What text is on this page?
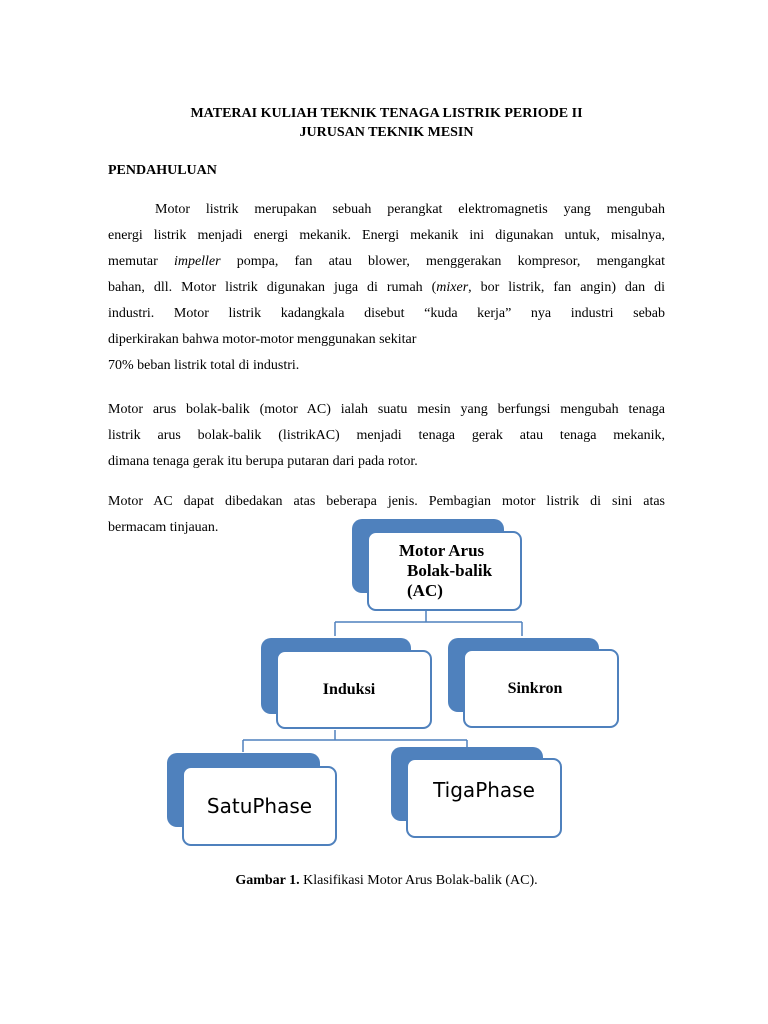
MATERAI KULIAH TEKNIK TENAGA LISTRIK PERIODE II
JURUSAN TEKNIK MESIN
PENDAHULUAN
Motor listrik merupakan sebuah perangkat elektromagnetis yang mengubah
energi listrik menjadi energi mekanik. Energi mekanik ini digunakan untuk, misalnya,
memutar impeller pompa, fan atau blower, menggerakan kompresor, mengangkat
bahan, dll. Motor listrik digunakan juga di rumah (mixer, bor listrik, fan angin) dan di
industri. Motor listrik kadangkala disebut “kuda kerja” nya industri sebab
diperkirakan bahwa motor-motor menggunakan sekitar
70% beban listrik total di industri.
Motor arus bolak-balik (motor AC) ialah suatu mesin yang berfungsi mengubah tenaga
listrik arus bolak-balik (listrikAC) menjadi tenaga gerak atau tenaga mekanik,
dimana tenaga gerak itu berupa putaran dari pada rotor.
Motor AC dapat dibedakan atas beberapa jenis. Pembagian motor listrik di sini atas
bermacam tinjauan.
Motor Arus
Bolak-balik (AC)
Induksi	Sinkron
SatuPhase
TigaPhase
Gambar 1. Klasifikasi Motor Arus Bolak-balik (AC).
